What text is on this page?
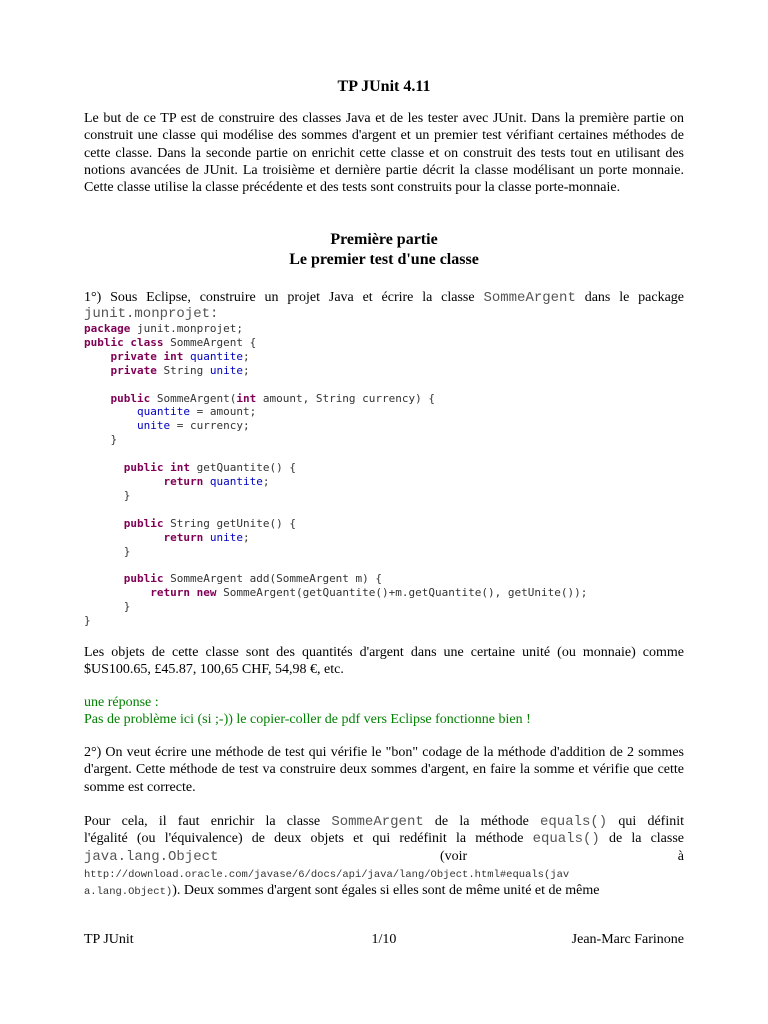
TP JUnit 4.11
Le but de ce TP est de construire des classes Java et de les tester avec JUnit. Dans la première partie on construit une classe qui modélise des sommes d'argent et un premier test vérifiant certaines méthodes de cette classe. Dans la seconde partie on enrichit cette classe et on construit des tests tout en utilisant des notions avancées de JUnit. La troisième et dernière partie décrit la classe modélisant un porte monnaie. Cette classe utilise la classe précédente et des tests sont construits pour la classe porte-monnaie.
Première partie
Le premier test d'une classe
1°) Sous Eclipse, construire un projet Java et écrire la classe SommeArgent dans le package
junit.monprojet:
package junit.monprojet;
public class SommeArgent {
private int quantite;
private String unite;
public SommeArgent(int amount, String currency) {
quantite = amount;
unite = currency;
}
public int getQuantite() {
return quantite;
}
public String getUnite() {
return unite;
}
public SommeArgent add(SommeArgent m) {
return new SommeArgent(getQuantite()+m.getQuantite(), getUnite());
}
}
Les objets de cette classe sont des quantités d'argent dans une certaine unité (ou monnaie) comme $US100.65, £45.87, 100,65 CHF, 54,98 €, etc.
une réponse :
Pas de problème ici (si ;-)) le copier-coller de pdf vers Eclipse fonctionne bien !
2°) On veut écrire une méthode de test qui vérifie le "bon" codage de la méthode d'addition de 2 sommes d'argent. Cette méthode de test va construire deux sommes d'argent, en faire la somme et vérifie que cette somme est correcte.
Pour cela, il faut enrichir la classe SommeArgent de la méthode equals() qui définit
l'égalité (ou l'équivalence) de deux objets et qui redéfinit la méthode equals() de la classe
java.lang.Object	(voir	à
http://download.oracle.com/javase/6/docs/api/java/lang/Object.html#equals(jav
a.lang.Object)). Deux sommes d'argent sont égales si elles sont de même unité et de même
TP JUnit	1/10	Jean-Marc Farinone
